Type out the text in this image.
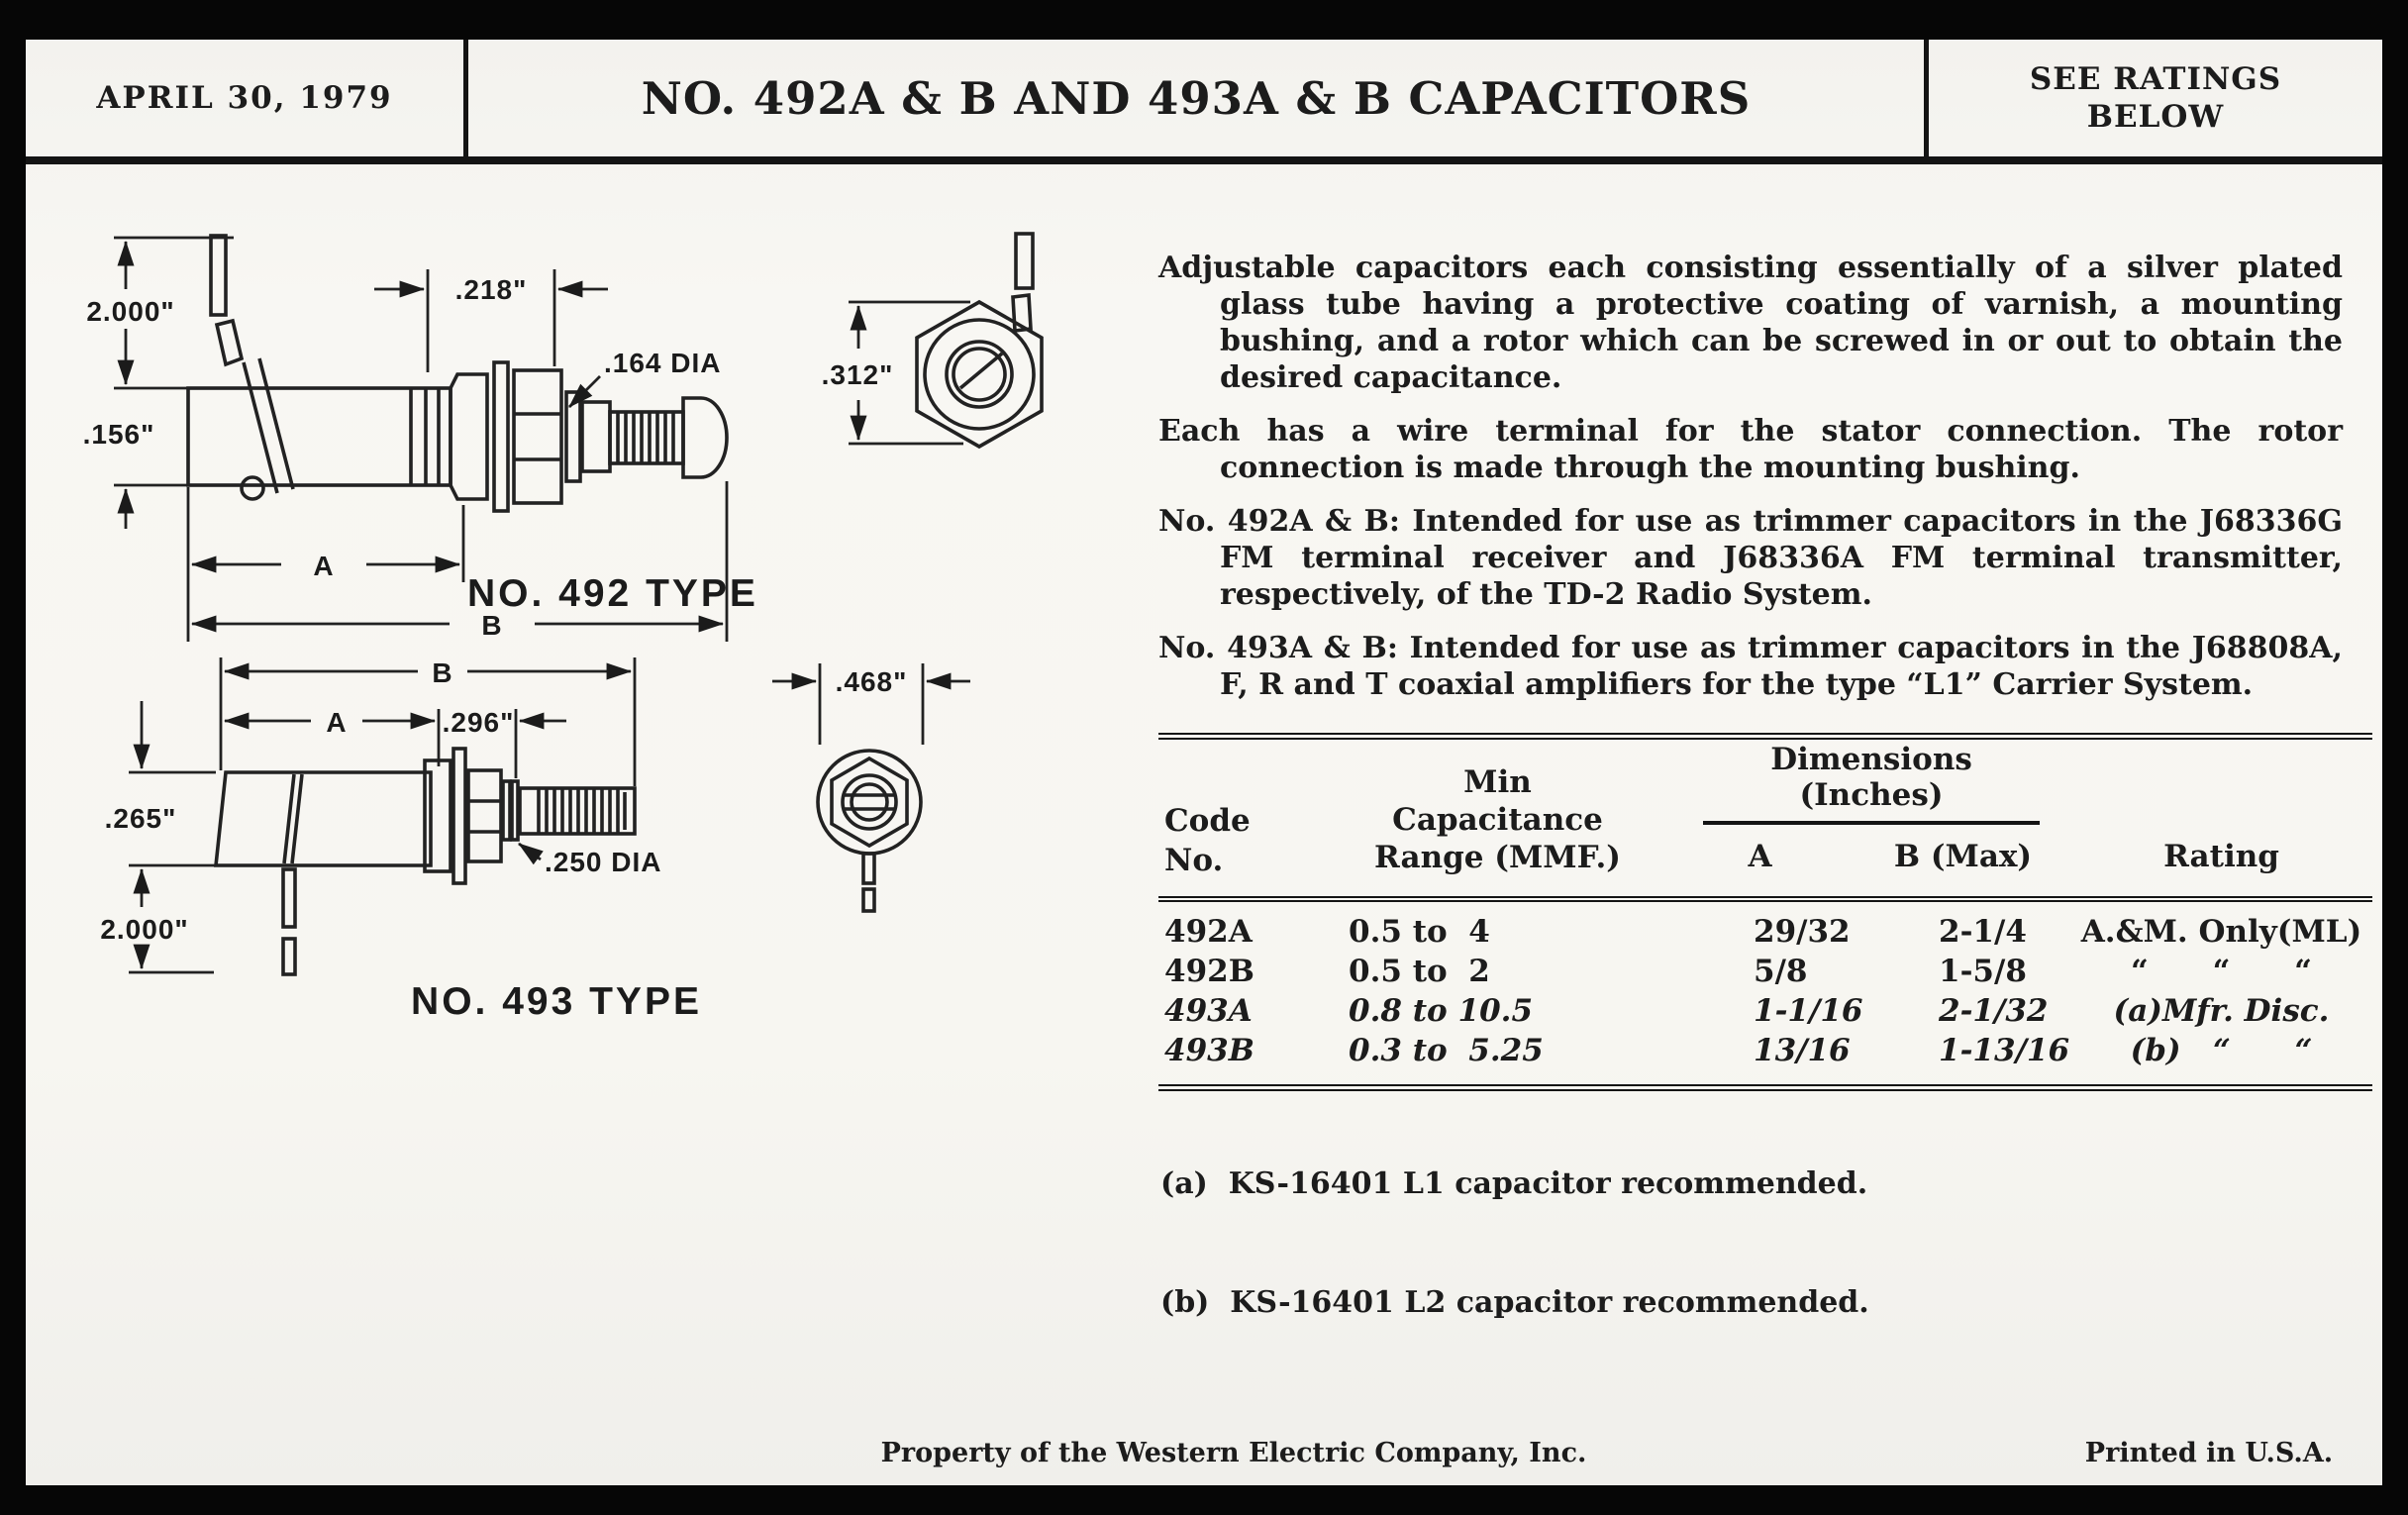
APRIL 30, 1979	NO. 492A & B AND 493A & B CAPACITORS	SEE RATINGS
BELOW
2.000"
.156"
.218"
.164 DIA
A
B
NO. 492 TYPE
.312"
B
A	.296"
.265"
2.000"
.250 DIA
NO. 493 TYPE
.468"

Adjustable capacitors each consisting essentially of a silver plated glass tube having a protective coating of varnish, a mounting bushing, and a rotor which can be screwed in or out to obtain the desired capacitance.

Each has a wire terminal for the stator connection. The rotor connection is made through the mounting bushing.

No. 492A & B: Intended for use as trimmer capacitors in the J68336G FM terminal receiver and J68336A FM terminal transmitter, respectively, of the TD-2 Radio System.

No. 493A & B: Intended for use as trimmer capacitors in the J68808A, F, R and T coaxial amplifiers for the type “L1” Carrier System.

Code
No.
Min
Capacitance
Range (MMF.)
Dimensions
(Inches)
A	B (Max)	Rating
492A	0.5 to  4	29/32	2-1/4	A.&M. Only(ML)
492B	0.5 to  2	5/8	1-5/8	“      “      “
493A	0.8 to 10.5	1-1/16	2-1/32	(a)Mfr. Disc.
493B	0.3 to  5.25	13/16	1-13/16	(b)   “      “

(a)  KS-16401 L1 capacitor recommended.

(b)  KS-16401 L2 capacitor recommended.

Property of the Western Electric Company, Inc.	Printed in U.S.A.
